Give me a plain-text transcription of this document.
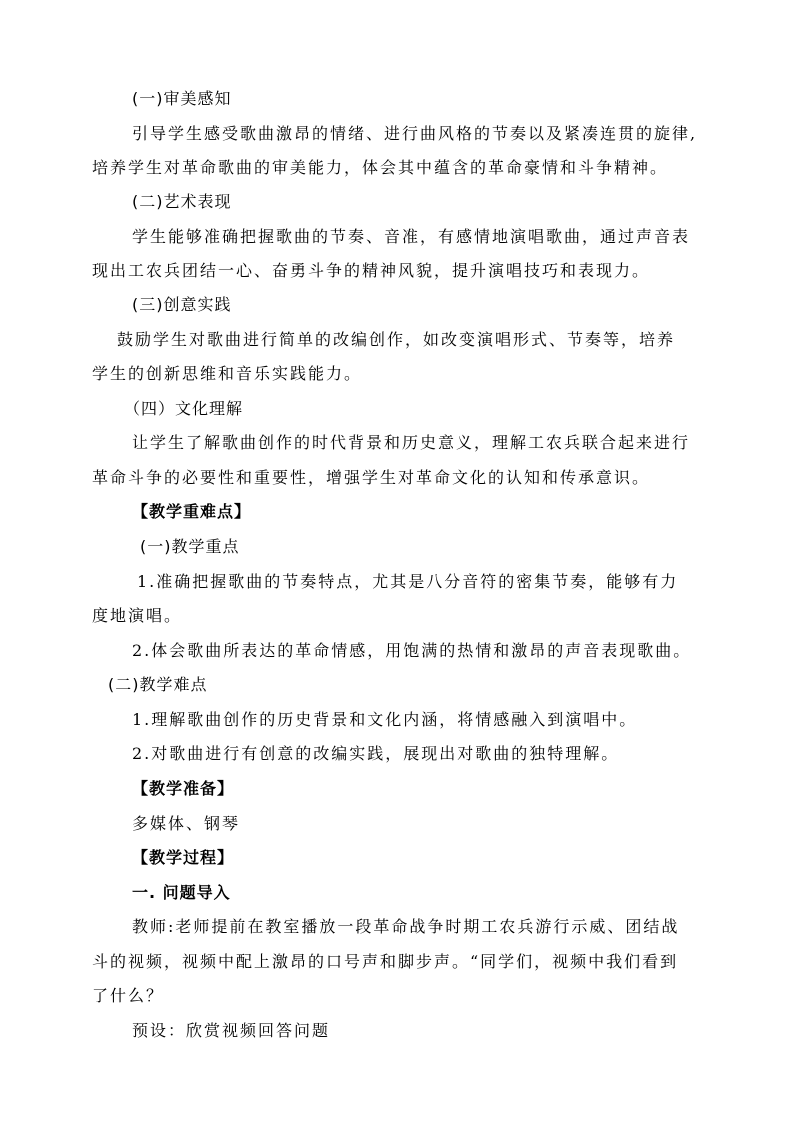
(一)审美感知
引导学生感受歌曲激昂的情绪、进行曲风格的节奏以及紧凑连贯的旋律,
培养学生对革命歌曲的审美能力，体会其中蕴含的革命豪情和斗争精神。
(二)艺术表现
学生能够准确把握歌曲的节奏、音准，有感情地演唱歌曲，通过声音表
现出工农兵团结一心、奋勇斗争的精神风貌，提升演唱技巧和表现力。
(三)创意实践
鼓励学生对歌曲进行简单的改编创作，如改变演唱形式、节奏等，培养
学生的创新思维和音乐实践能力。
（四）文化理解
让学生了解歌曲创作的时代背景和历史意义，理解工农兵联合起来进行
革命斗争的必要性和重要性，增强学生对革命文化的认知和传承意识。
【教学重难点】
(一)教学重点
1.准确把握歌曲的节奏特点，尤其是八分音符的密集节奏，能够有力
度地演唱。
2.体会歌曲所表达的革命情感，用饱满的热情和激昂的声音表现歌曲。
(二)教学难点
1.理解歌曲创作的历史背景和文化内涵，将情感融入到演唱中。
2.对歌曲进行有创意的改编实践，展现出对歌曲的独特理解。
【教学准备】
多媒体、钢琴
【教学过程】
一. 问题导入
教师:老师提前在教室播放一段革命战争时期工农兵游行示威、团结战
斗的视频，视频中配上激昂的口号声和脚步声。“同学们，视频中我们看到
了什么？
预设：欣赏视频回答问题
